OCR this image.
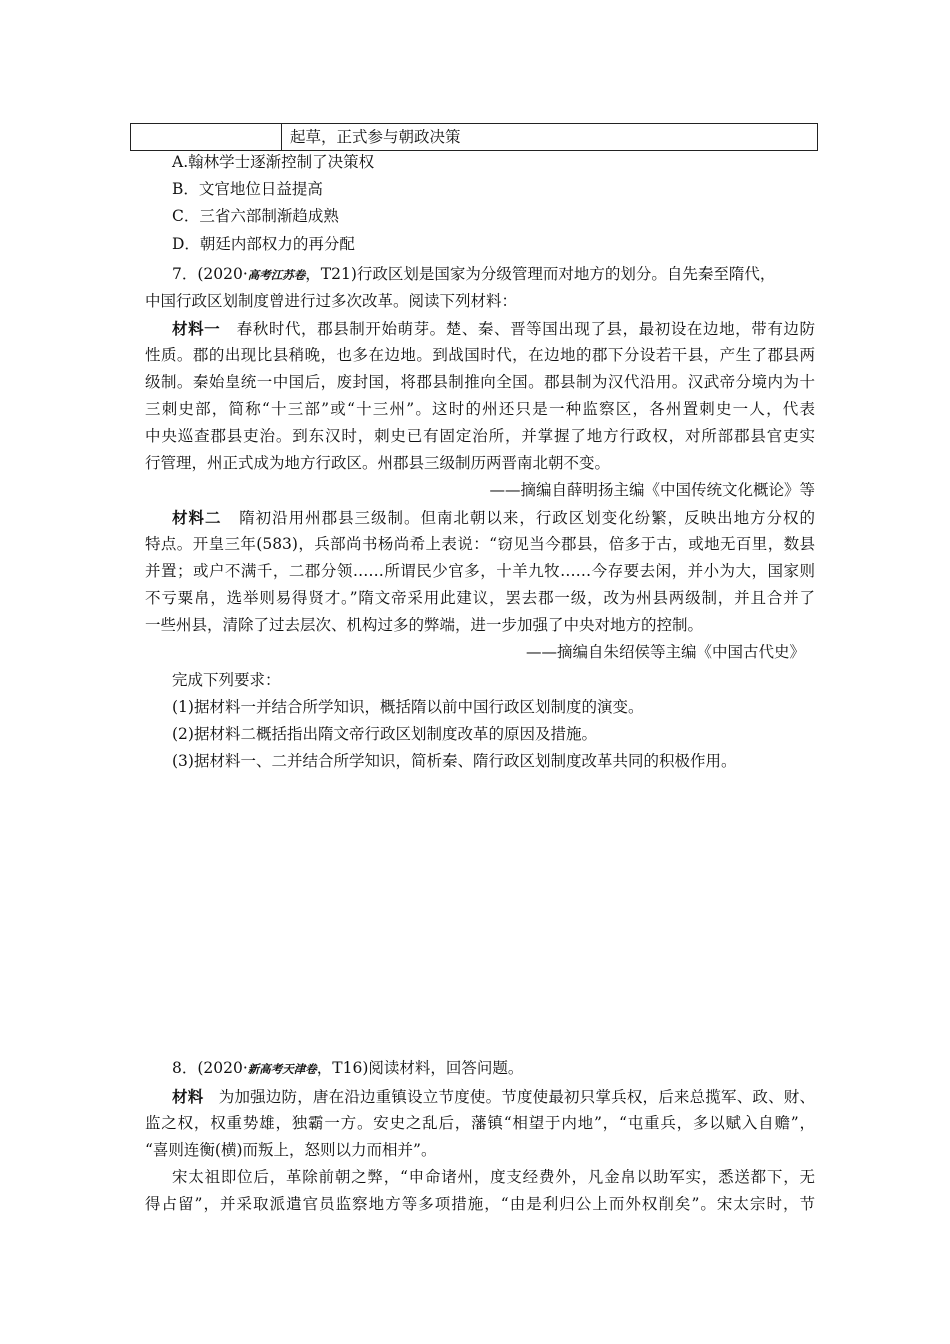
起草，正式参与朝政决策
A.翰林学士逐渐控制了决策权
B．文官地位日益提高
C．三省六部制渐趋成熟
D．朝廷内部权力的再分配
7．(2020·高考江苏卷，T21)行政区划是国家为分级管理而对地方的划分。自先秦至隋代，
中国行政区划制度曾进行过多次改革。阅读下列材料：
材料一 春秋时代，郡县制开始萌芽。楚、秦、晋等国出现了县，最初设在边地，带有边防
性质。郡的出现比县稍晚，也多在边地。到战国时代，在边地的郡下分设若干县，产生了郡县两
级制。秦始皇统一中国后，废封国，将郡县制推向全国。郡县制为汉代沿用。汉武帝分境内为十
三刺史部，简称“十三部”或“十三州”。这时的州还只是一种监察区，各州置刺史一人，代表
中央巡查郡县吏治。到东汉时，刺史已有固定治所，并掌握了地方行政权，对所部郡县官吏实
行管理，州正式成为地方行政区。州郡县三级制历两晋南北朝不变。
——摘编自薛明扬主编《中国传统文化概论》等
材料二 隋初沿用州郡县三级制。但南北朝以来，行政区划变化纷繁，反映出地方分权的
特点。开皇三年(583)，兵部尚书杨尚希上表说：“窃见当今郡县，倍多于古，或地无百里，数县
并置；或户不满千，二郡分领……所谓民少官多，十羊九牧……今存要去闲，并小为大，国家则
不亏粟帛，选举则易得贤才。”隋文帝采用此建议，罢去郡一级，改为州县两级制，并且合并了
一些州县，清除了过去层次、机构过多的弊端，进一步加强了中央对地方的控制。
——摘编自朱绍侯等主编《中国古代史》
完成下列要求：
(1)据材料一并结合所学知识，概括隋以前中国行政区划制度的演变。
(2)据材料二概括指出隋文帝行政区划制度改革的原因及措施。
(3)据材料一、二并结合所学知识，简析秦、隋行政区划制度改革共同的积极作用。
8．(2020·新高考天津卷，T16)阅读材料，回答问题。
材料 为加强边防，唐在沿边重镇设立节度使。节度使最初只掌兵权，后来总揽军、政、财、
监之权，权重势雄，独霸一方。安史之乱后，藩镇“相望于内地”，“屯重兵，多以赋入自赡”，
“喜则连衡(横)而叛上，怒则以力而相并”。
宋太祖即位后，革除前朝之弊，“申命诸州，度支经费外，凡金帛以助军实，悉送都下，无
得占留”，并采取派遣官员监察地方等多项措施，“由是利归公上而外权削矣”。宋太宗时，节
